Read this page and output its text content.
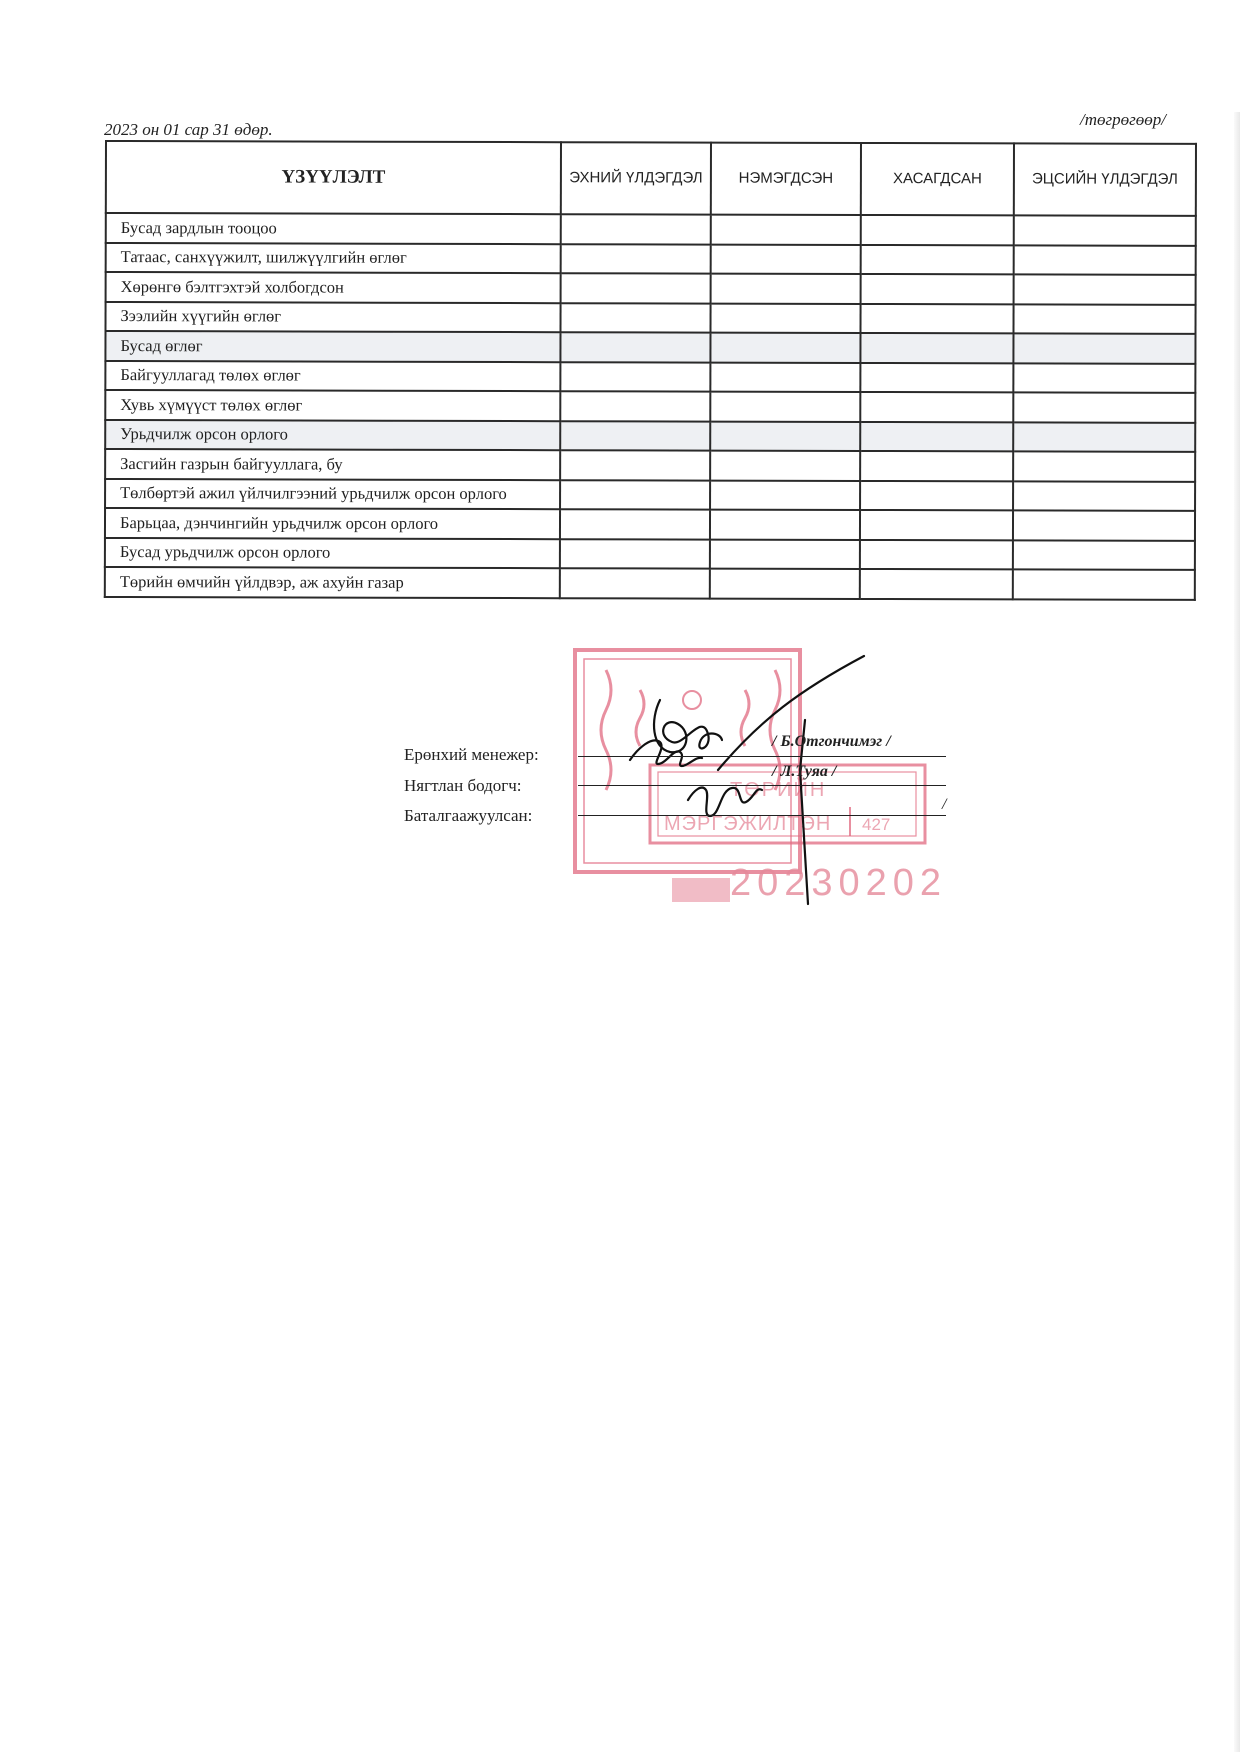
2023 он 01 сар 31 өдөр.
/төгрөгөөр/
ҮЗҮҮЛЭЛТ	ЭХНИЙ ҮЛДЭГДЭЛ	НЭМЭГДСЭН	ХАСАГДСАН	ЭЦСИЙН ҮЛДЭГДЭЛ
Бусад зардлын тооцоо				
Татаас, санхүүжилт, шилжүүлгийн өглөг				
Хөрөнгө бэлтгэхтэй холбогдсон				
Зээлийн хүүгийн өглөг				
Бусад өглөг				
Байгууллагад төлөх өглөг				
Хувь хүмүүст төлөх өглөг				
Урьдчилж орсон орлого				
Засгийн газрын байгууллага, бу				
Төлбөртэй ажил үйлчилгээний урьдчилж орсон орлого				
Барьцаа, дэнчингийн урьдчилж орсон орлого				
Бусад урьдчилж орсон орлого				
Төрийн өмчийн үйлдвэр, аж ахуйн газар				
ТӨРИЙН
МЭРГЭЖИЛТЭН 427
Ерөнхий менежер:
/ Б.Отгончимэг /
Нягтлан бодогч:
/ Л.Туяа /
Баталгаажуулсан:
/
20230202
